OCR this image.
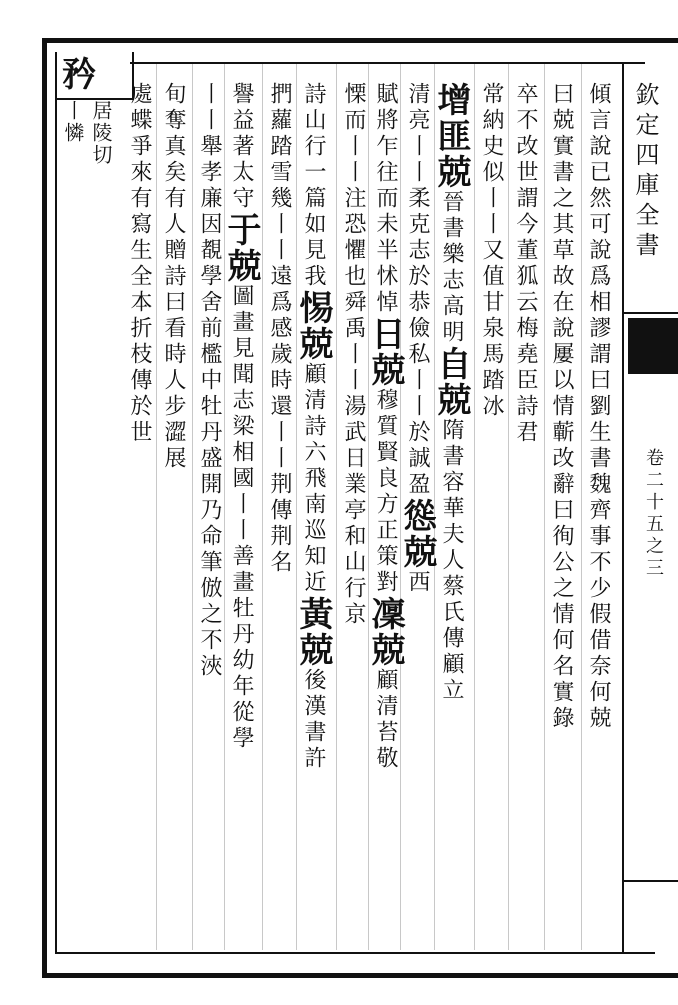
矜
丨憐 居陵切	欽定四庫全書
卷二十五之三
傾言說已然可說爲相謬謂曰劉生書魏齊事不少假借奈何兢
曰兢實書之其草故在說屢以情蘄改辭曰徇公之情何名實錄
卒不改世謂今董狐云梅堯臣詩君
常納史似丨丨又值甘泉馬踏冰
增匪兢晉書樂志高明自兢隋書容華夫人蔡氏傳顧立
清亮丨丨柔克志於恭儉私丨丨於誠盈慫兢西
賦將乍往而未半怵悼日兢穆質賢良方正策對凜兢顧清苔敬
慄而丨丨注恐懼也舜禹丨丨湯武日業亭和山行京
詩山行一篇如見我惕兢顧清詩六飛南巡知近黃兢後漢書許
捫蘿踏雪幾丨丨遠爲感歲時還丨丨荆傳荆名
譽益著太守于兢圖畫見聞志梁相國丨丨善畫牡丹幼年從學
丨丨舉孝廉因覩學舍前檻中牡丹盛開乃命筆倣之不浹
旬奪真矣有人贈詩曰看時人步澀展
處蝶爭來有寫生全本折枝傳於世
